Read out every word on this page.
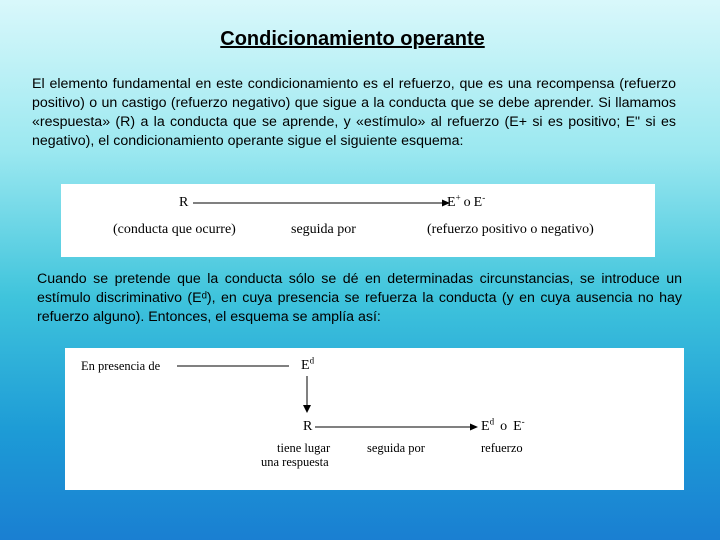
Condicionamiento operante

El elemento fundamental en este condicionamiento es el refuerzo, que es una recompensa (refuerzo positivo) o un castigo (refuerzo negativo) que sigue a la conducta que se debe aprender. Si llamamos «respuesta» (R) a la conducta que se aprende, y «estímulo» al refuerzo (E+ si es positivo; E" si es negativo), el condicionamiento operante sigue el siguiente esquema:

R	E+ o E-
(conducta que ocurre)	seguida por	(refuerzo positivo o negativo)

Cuando se pretende que la conducta sólo se dé en determinadas circunstancias, se introduce un estímulo discriminativo (Eᵈ), en cuya presencia se refuerza la conducta (y en cuya ausencia no hay refuerzo alguno). Entonces, el esquema se amplía así:

En presencia de	$E^d$
R	$E^d$ o E-
tiene lugar
una respuesta
seguida por	refuerzo
